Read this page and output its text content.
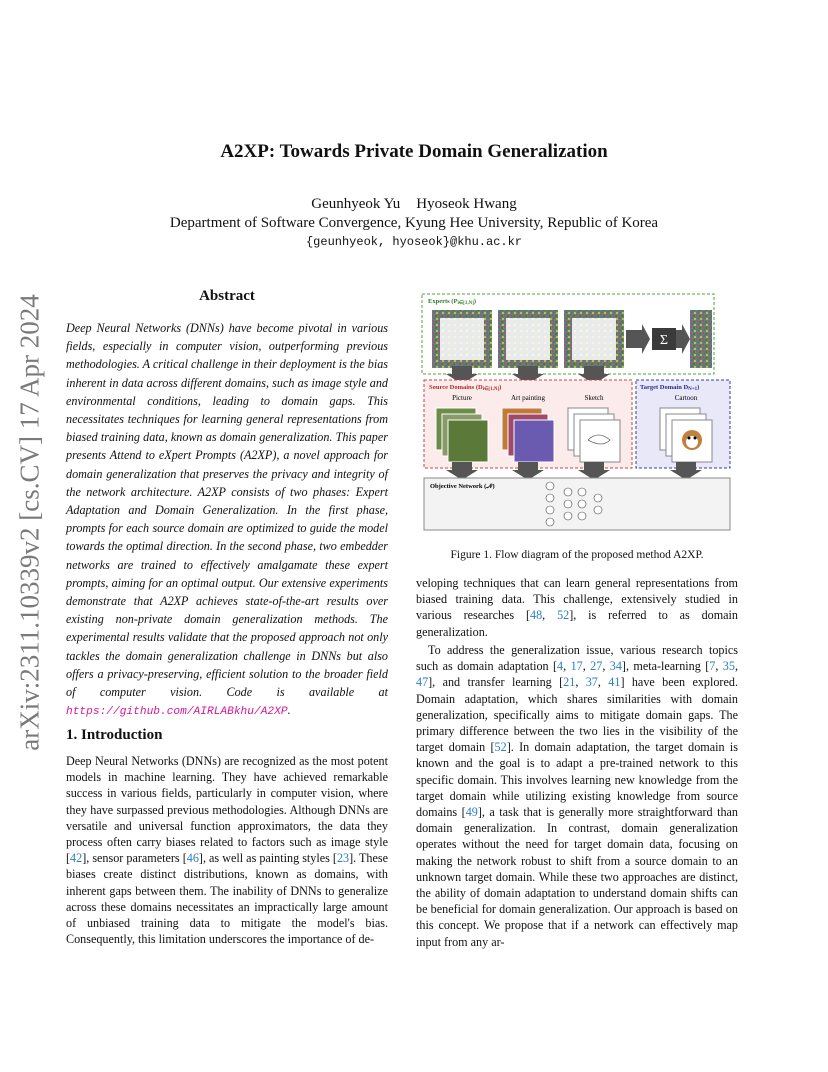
arXiv:2311.10339v2 [cs.CV] 17 Apr 2024
A2XP: Towards Private Domain Generalization
Geunhyeok Yu Hyoseok Hwang
Department of Software Convergence, Kyung Hee University, Republic of Korea
{geunhyeok, hyoseok}@khu.ac.kr
Abstract
Deep Neural Networks (DNNs) have become pivotal in various fields, especially in computer vision, outperforming previous methodologies. A critical challenge in their deployment is the bias inherent in data across different domains, such as image style and environmental conditions, leading to domain gaps. This necessitates techniques for learning general representations from biased training data, known as domain generalization. This paper presents Attend to eXpert Prompts (A2XP), a novel approach for domain generalization that preserves the privacy and integrity of the network architecture. A2XP consists of two phases: Expert Adaptation and Domain Generalization. In the first phase, prompts for each source domain are optimized to guide the model towards the optimal direction. In the second phase, two embedder networks are trained to effectively amalgamate these expert prompts, aiming for an optimal output. Our extensive experiments demonstrate that A2XP achieves state-of-the-art results over existing non-private domain generalization methods. The experimental results validate that the proposed approach not only tackles the domain generalization challenge in DNNs but also offers a privacy-preserving, efficient solution to the broader field of computer vision. Code is available at https://github.com/AIRLABkhu/A2XP.
1. Introduction
Deep Neural Networks (DNNs) are recognized as the most potent models in machine learning. They have achieved remarkable success in various fields, particularly in computer vision, where they have surpassed previous methodologies. Although DNNs are versatile and universal function approximators, the data they process often carry biases related to factors such as image style [42], sensor parameters [46], as well as painting styles [23]. These biases create distinct distributions, known as domains, with inherent gaps between them. The inability of DNNs to generalize across these domains necessitates an impractically large amount of unbiased training data to mitigate the model's bias. Consequently, this limitation underscores the importance of de-
Experts (Pi∈[1,N])
Σ
Source Domains (Di∈[1,N])	Target Domain DN+1)
Picture	Art painting	Sketch	Cartoon
Objective Network (𝒩)
Figure 1. Flow diagram of the proposed method A2XP.
veloping techniques that can learn general representations from biased training data. This challenge, extensively studied in various researches [48, 52], is referred to as domain generalization.
To address the generalization issue, various research topics such as domain adaptation [4, 17, 27, 34], meta-learning [7, 35, 47], and transfer learning [21, 37, 41] have been explored. Domain adaptation, which shares similarities with domain generalization, specifically aims to mitigate domain gaps. The primary difference between the two lies in the visibility of the target domain [52]. In domain adaptation, the target domain is known and the goal is to adapt a pre-trained network to this specific domain. This involves learning new knowledge from the target domain while utilizing existing knowledge from source domains [49], a task that is generally more straightforward than domain generalization. In contrast, domain generalization operates without the need for target domain data, focusing on making the network robust to shift from a source domain to an unknown target domain. While these two approaches are distinct, the ability of domain adaptation to understand domain shifts can be beneficial for domain generalization. Our approach is based on this concept. We propose that if a network can effectively map input from any ar-
